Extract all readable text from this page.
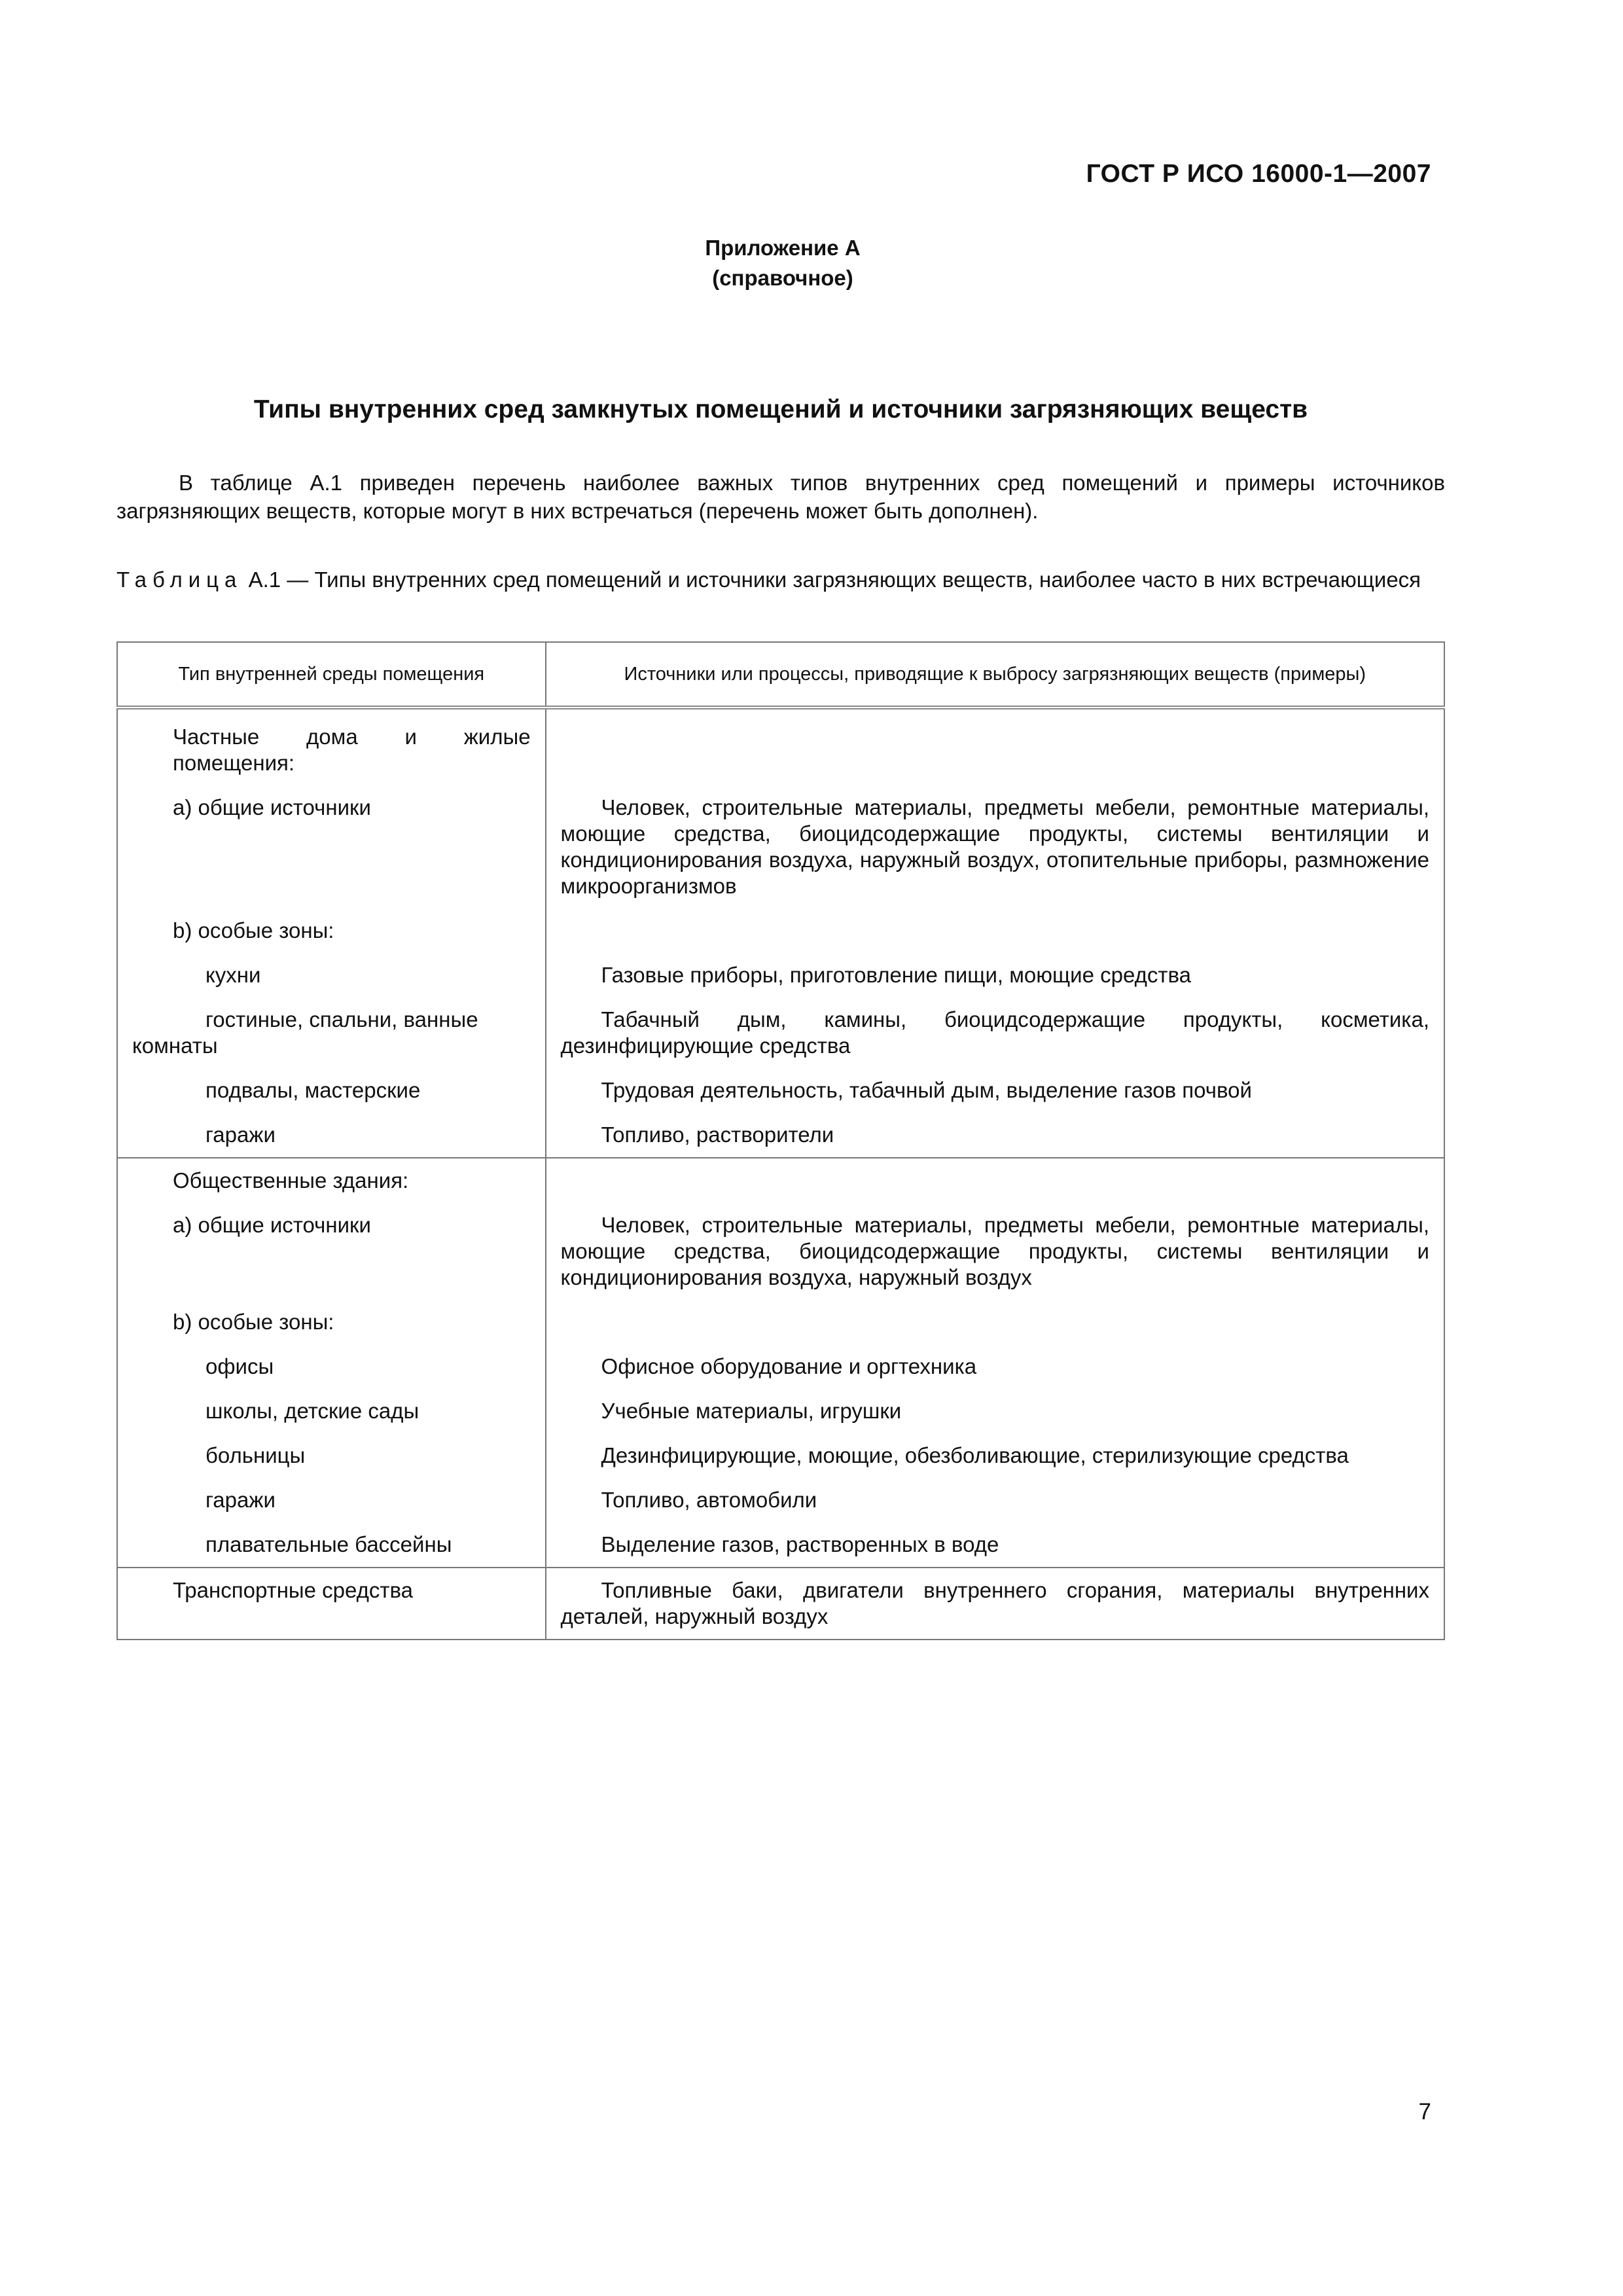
ГОСТ Р ИСО 16000-1—2007
Приложение А
(справочное)
Типы внутренних сред замкнутых помещений и источники загрязняющих веществ

В таблице А.1 приведен перечень наиболее важных типов внутренних сред помещений и примеры источников загрязняющих веществ, которые могут в них встречаться (перечень может быть дополнен).

Таблица А.1 — Типы внутренних сред помещений и источники загрязняющих веществ, наиболее часто в них встречающиеся

Тип внутренней среды помещения	Источники или процессы, приводящие к выбросу загрязняющих веществ (примеры)
Частные дома и жилые помещения:	
a) общие источники	Человек, строительные материалы, предметы мебели, ремонтные материалы, моющие средства, биоцидсодержащие продукты, системы вентиляции и кондиционирования воздуха, наружный воздух, отопительные приборы, размножение микроорганизмов
b) особые зоны:	
кухни	Газовые приборы, приготовление пищи, моющие средства
гостиные, спальни, ванные комнаты	Табачный дым, камины, биоцидсодержащие продукты, косметика, дезинфицирующие средства
подвалы, мастерские	Трудовая деятельность, табачный дым, выделение газов почвой
гаражи	Топливо, растворители
Общественные здания:	
a) общие источники	Человек, строительные материалы, предметы мебели, ремонтные материалы, моющие средства, биоцидсодержащие продукты, системы вентиляции и кондиционирования воздуха, наружный воздух
b) особые зоны:	
офисы	Офисное оборудование и оргтехника
школы, детские сады	Учебные материалы, игрушки
больницы	Дезинфицирующие, моющие, обезболивающие, стерилизующие средства
гаражи	Топливо, автомобили
плавательные бассейны	Выделение газов, растворенных в воде
Транспортные средства	Топливные баки, двигатели внутреннего сгорания, материалы внутренних деталей, наружный воздух
7
